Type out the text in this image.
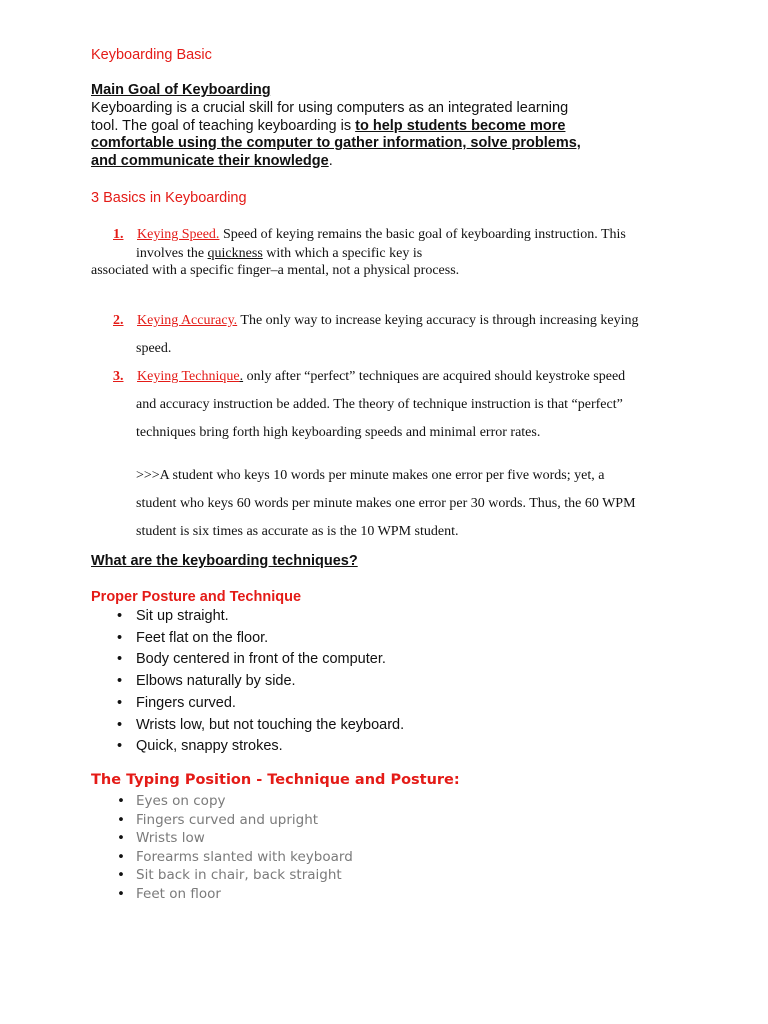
Keyboarding Basic
Main Goal of Keyboarding
Keyboarding is a crucial skill for using computers as an integrated learning
tool. The goal of teaching keyboarding is to help students become more
comfortable using the computer to gather information, solve problems,
and communicate their knowledge.
3 Basics in Keyboarding
1. Keying Speed. Speed of keying remains the basic goal of keyboarding instruction. This
involves the quickness with which a specific key is
associated with a specific finger–a mental, not a physical process.
2. Keying Accuracy. The only way to increase keying accuracy is through increasing keying
speed.
3. Keying Technique. only after “perfect” techniques are acquired should keystroke speed
and accuracy instruction be added. The theory of technique instruction is that “perfect”
techniques bring forth high keyboarding speeds and minimal error rates.
>>>A student who keys 10 words per minute makes one error per five words; yet, a
student who keys 60 words per minute makes one error per 30 words. Thus, the 60 WPM
student is six times as accurate as is the 10 WPM student.
What are the keyboarding techniques?
Proper Posture and Technique
• Sit up straight.
• Feet flat on the floor.
• Body centered in front of the computer.
• Elbows naturally by side.
• Fingers curved.
• Wrists low, but not touching the keyboard.
• Quick, snappy strokes.
The Typing Position - Technique and Posture:
• Eyes on copy
• Fingers curved and upright
• Wrists low
• Forearms slanted with keyboard
• Sit back in chair, back straight
• Feet on floor
